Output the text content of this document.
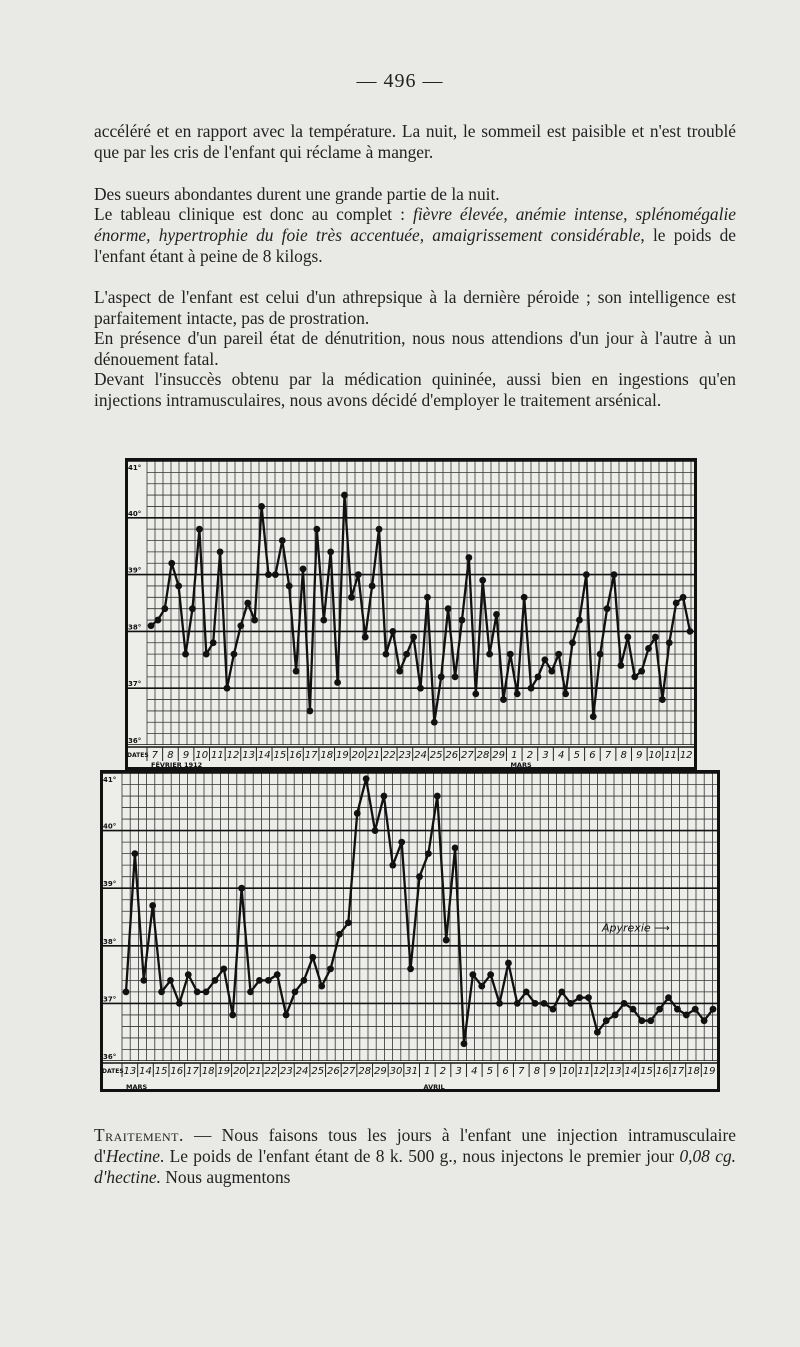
— 496 —

accéléré et en rapport avec la température. La nuit, le sommeil est paisible et n'est troublé que par les cris de l'enfant qui réclame à manger.

Des sueurs abondantes durent une grande partie de la nuit.

Le tableau clinique est donc au complet : fièvre élevée, anémie intense, splénomégalie énorme, hypertrophie du foie très accentuée, amaigrissement considérable, le poids de l'enfant étant à peine de 8 kilogs.

L'aspect de l'enfant est celui d'un athrepsique à la dernière péroide ; son intelligence est parfaitement intacte, pas de prostration.

En présence d'un pareil état de dénutrition, nous nous attendions d'un jour à l'autre à un dénouement fatal.

Devant l'insuccès obtenu par la médication quininée, aussi bien en ingestions qu'en injections intramusculaires, nous avons décidé d'employer le traitement arsénical.

41°
40°
39°
38°
37°
36°
DATES 7 8 9 10 11 12 13 14 15 16 17 18 19 20 21 22 23 24 25 26 27 28 29 1 2 3 4 5 6 7 8 9 10 11 12
FÉVRIER 1912	MARS
41°
40°
39°
38°
37°
36°
DATES 13 14 15 16 17 18 19 20 21 22 23 24 25 26 27 28 29 30 31 1 2 3 4 5 6 7 8 9 10 11 12 13 14 15 16 17 18 19
MARS	AVRIL
Apyrexie ⟶

Traitement. — Nous faisons tous les jours à l'enfant une injection intramusculaire d'Hectine. Le poids de l'enfant étant de 8 k. 500 g., nous injectons le premier jour 0,08 cg. d'hectine. Nous augmentons
